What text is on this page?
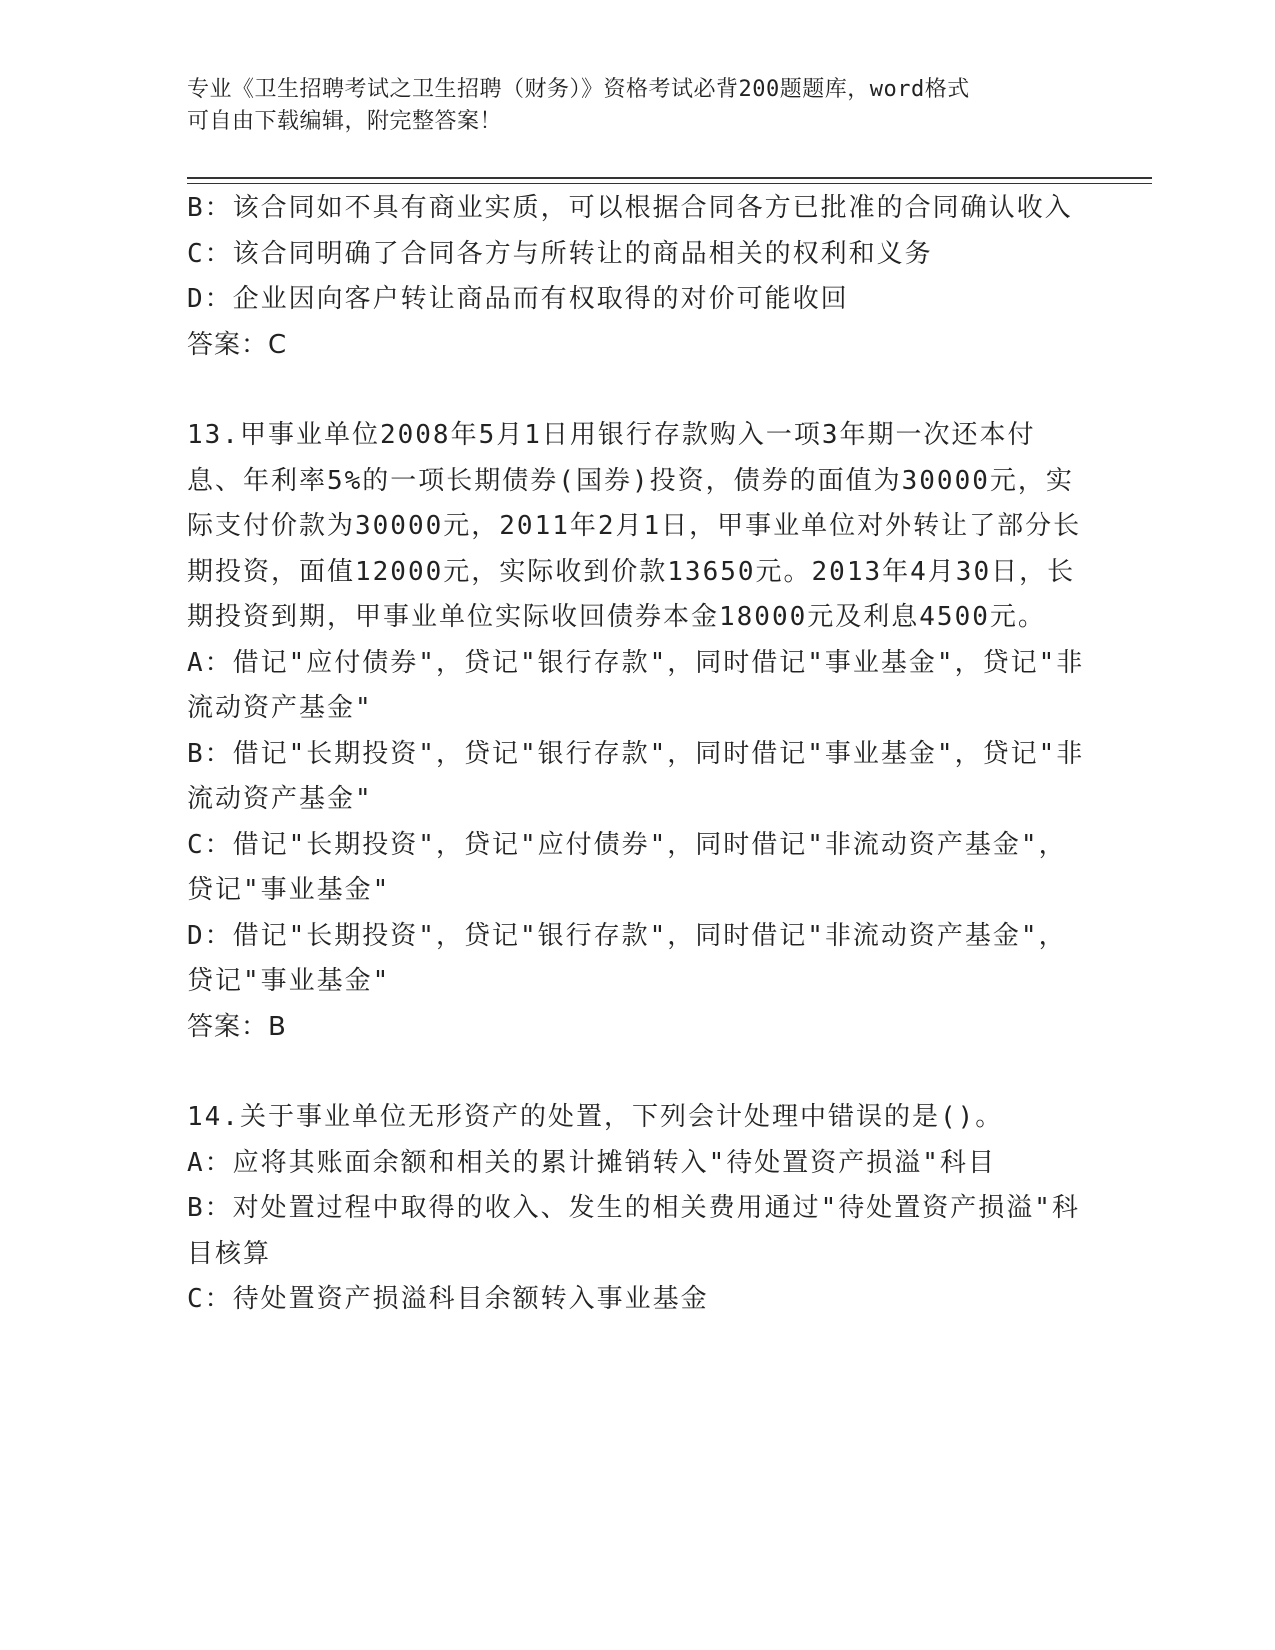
专业《卫生招聘考试之卫生招聘（财务）》资格考试必背200题题库，word格式
可自由下载编辑，附完整答案！

B：该合同如不具有商业实质，可以根据合同各方已批准的合同确认收入

C：该合同明确了合同各方与所转让的商品相关的权利和义务

D：企业因向客户转让商品而有权取得的对价可能收回

答案：C

13.甲事业单位2008年5月1日用银行存款购入一项3年期一次还本付息、年利率5%的一项长期债券(国券)投资，债券的面值为30000元，实际支付价款为30000元，2011年2月1日，甲事业单位对外转让了部分长期投资，面值12000元，实际收到价款13650元。2013年4月30日，长期投资到期，甲事业单位实际收回债券本金18000元及利息4500元。

A：借记"应付债券"，贷记"银行存款"，同时借记"事业基金"，贷记"非流动资产基金"

B：借记"长期投资"，贷记"银行存款"，同时借记"事业基金"，贷记"非流动资产基金"

C：借记"长期投资"，贷记"应付债券"，同时借记"非流动资产基金"，贷记"事业基金"

D：借记"长期投资"，贷记"银行存款"，同时借记"非流动资产基金"，贷记"事业基金"

答案：B

14.关于事业单位无形资产的处置，下列会计处理中错误的是()。

A：应将其账面余额和相关的累计摊销转入"待处置资产损溢"科目

B：对处置过程中取得的收入、发生的相关费用通过"待处置资产损溢"科目核算

C：待处置资产损溢科目余额转入事业基金
